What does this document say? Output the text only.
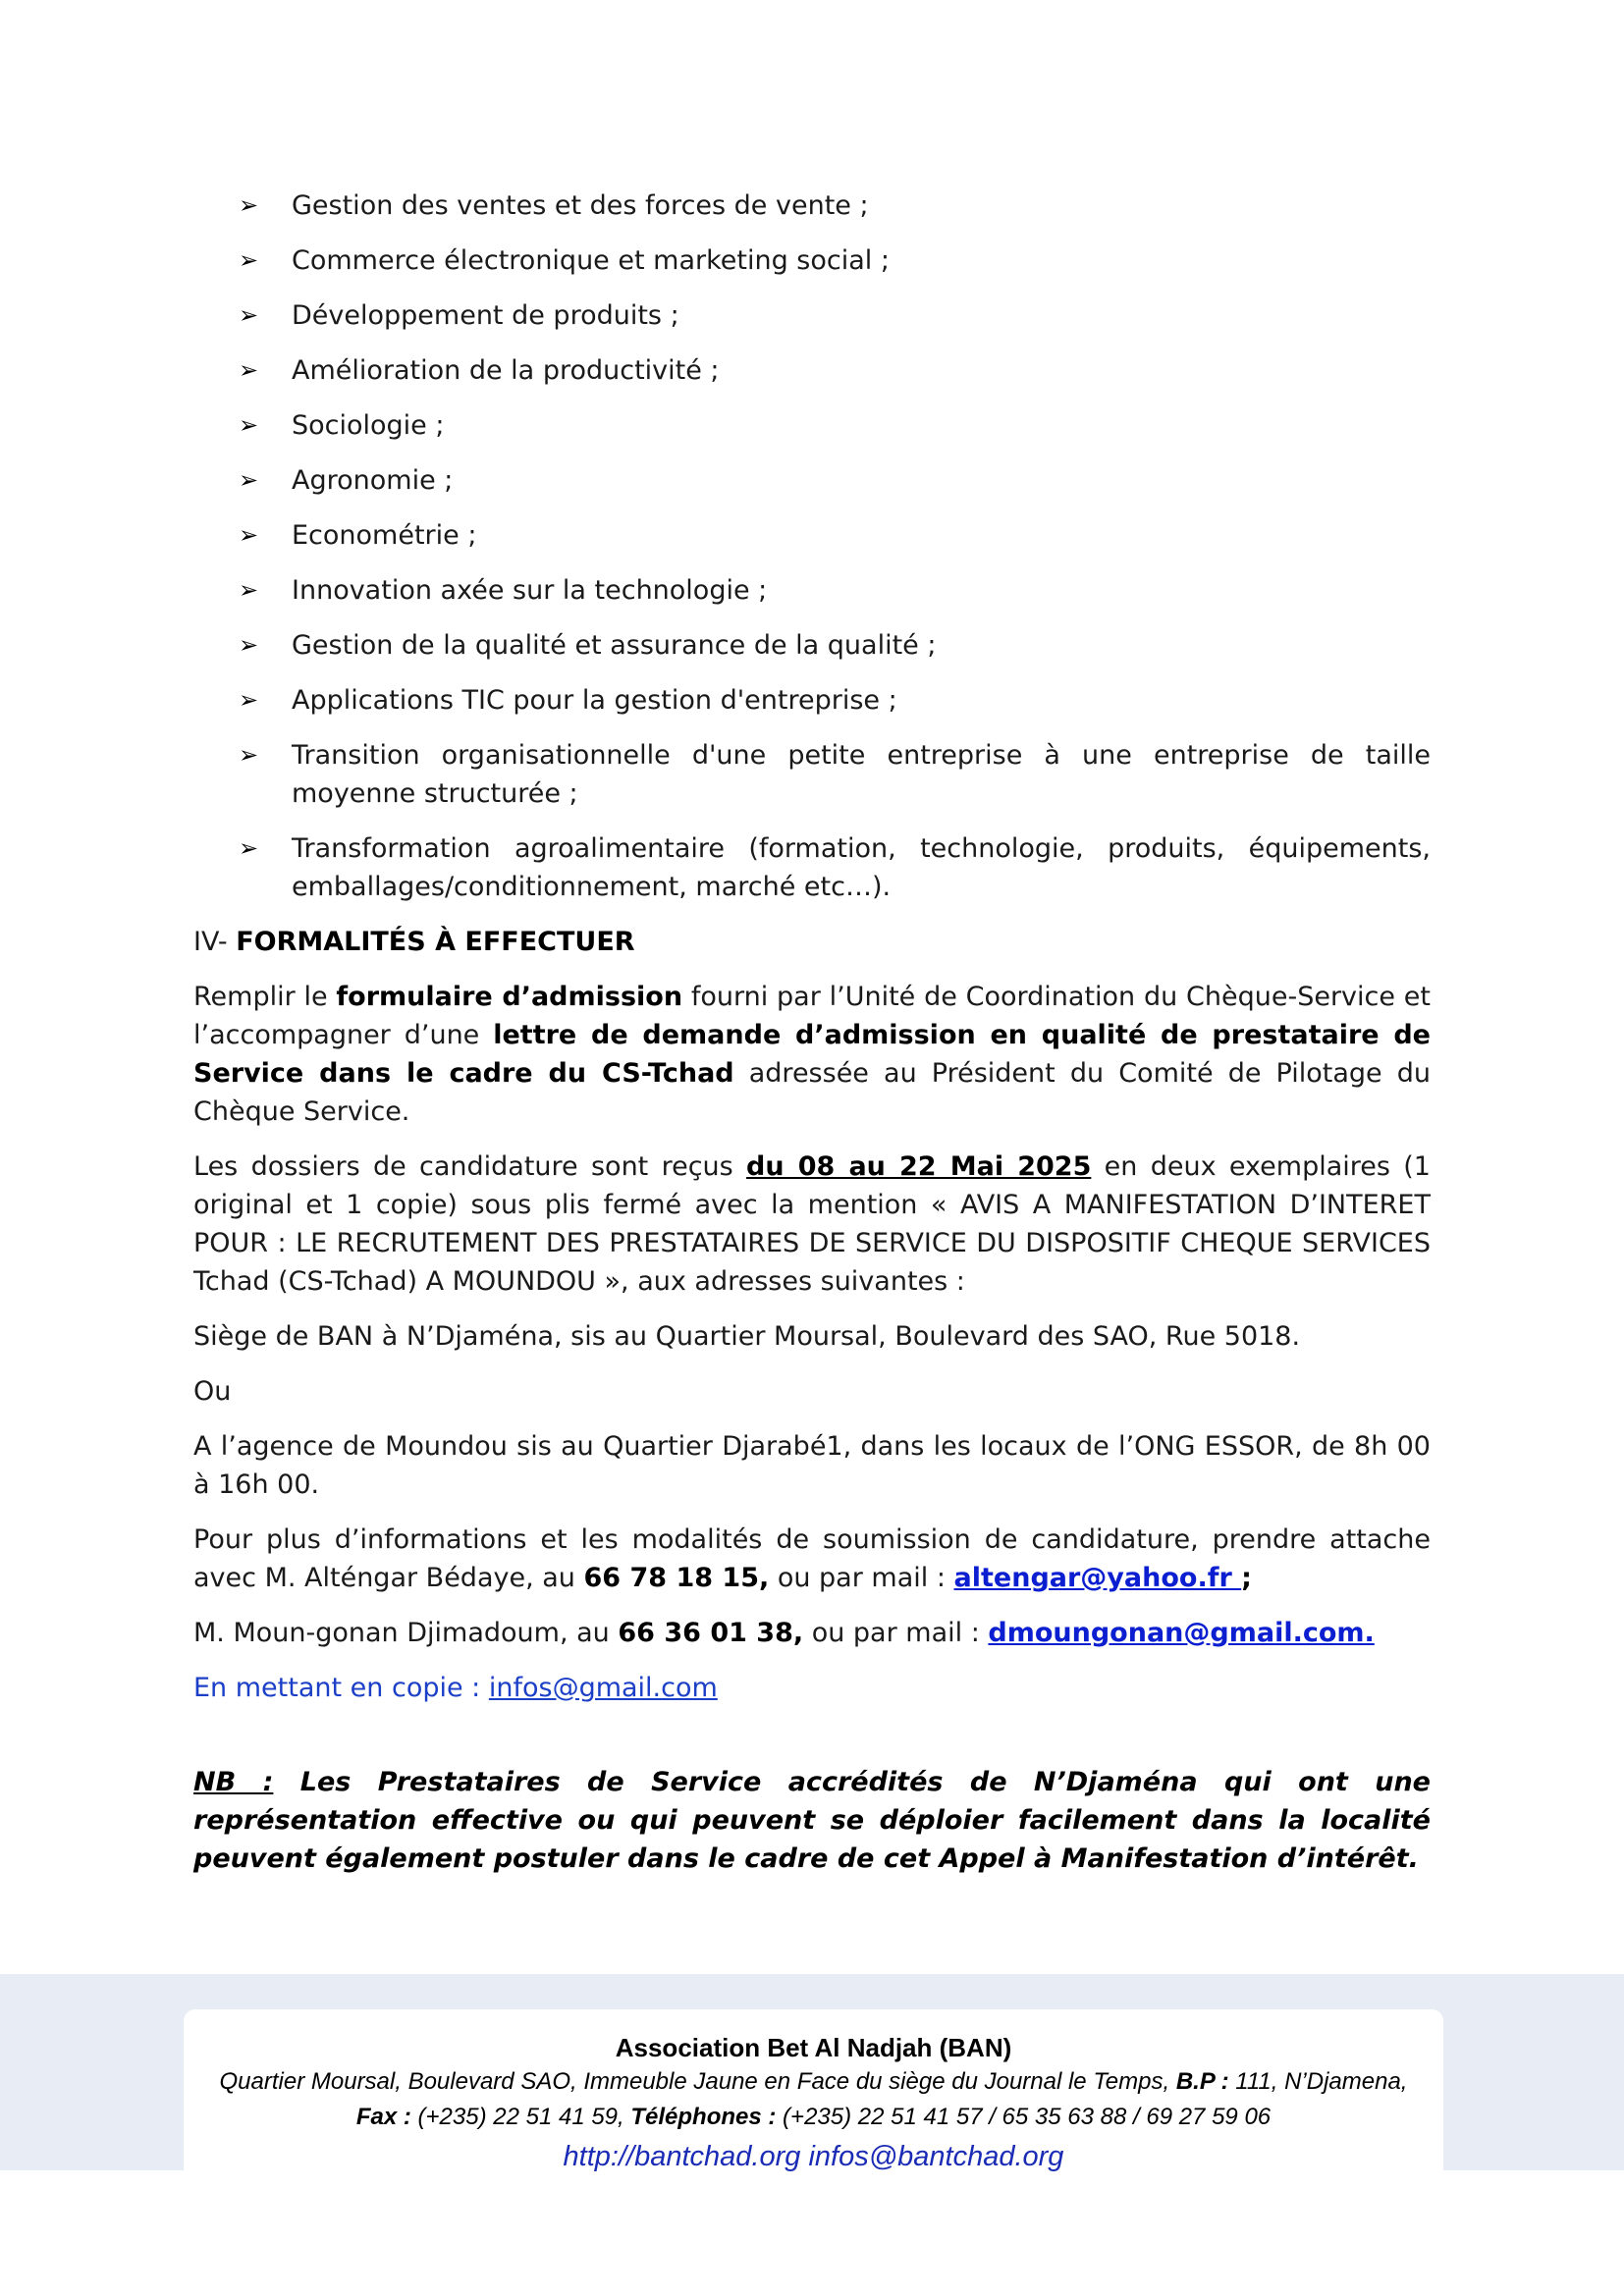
➢ Gestion des ventes et des forces de vente ;
➢ Commerce électronique et marketing social ;
➢ Développement de produits ;
➢ Amélioration de la productivité ;
➢ Sociologie ;
➢ Agronomie ;
➢ Econométrie ;
➢ Innovation axée sur la technologie ;
➢ Gestion de la qualité et assurance de la qualité ;
➢ Applications TIC pour la gestion d'entreprise ;
➢ Transition organisationnelle d'une petite entreprise à une entreprise de taille moyenne structurée ;
➢ Transformation agroalimentaire (formation, technologie, produits, équipements, emballages/conditionnement, marché etc…).
IV- FORMALITÉS À EFFECTUER

Remplir le formulaire d’admission fourni par l’Unité de Coordination du Chèque-Service et l’accompagner d’une lettre de demande d’admission en qualité de prestataire de Service dans le cadre du CS-Tchad adressée au Président du Comité de Pilotage du Chèque Service.

Les dossiers de candidature sont reçus du 08 au 22 Mai 2025 en deux exemplaires (1 original et 1 copie) sous plis fermé avec la mention « AVIS A MANIFESTATION D’INTERET POUR : LE RECRUTEMENT DES PRESTATAIRES DE SERVICE DU DISPOSITIF CHEQUE SERVICES Tchad (CS-Tchad) A MOUNDOU », aux adresses suivantes :

Siège de BAN à N’Djaména, sis au Quartier Moursal, Boulevard des SAO, Rue 5018.

Ou

A l’agence de Moundou sis au Quartier Djarabé1, dans les locaux de l’ONG ESSOR, de 8h 00 à 16h 00.

Pour plus d’informations et les modalités de soumission de candidature, prendre attache avec M. Alténgar Bédaye, au 66 78 18 15, ou par mail : altengar@yahoo.fr ;

M. Moun-gonan Djimadoum, au 66 36 01 38, ou par mail : dmoungonan@gmail.com.

En mettant en copie : infos@gmail.com

NB : Les Prestataires de Service accrédités de N’Djaména qui ont une représentation effective ou qui peuvent se déploier facilement dans la localité peuvent également postuler dans le cadre de cet Appel à Manifestation d’intérêt.

Association Bet Al Nadjah (BAN)
Quartier Moursal, Boulevard SAO, Immeuble Jaune en Face du siège du Journal le Temps, B.P : 111, N’Djamena,
Fax : (+235) 22 51 41 59, Téléphones : (+235) 22 51 41 57 / 65 35 63 88 / 69 27 59 06
http://bantchad.org infos@bantchad.org
